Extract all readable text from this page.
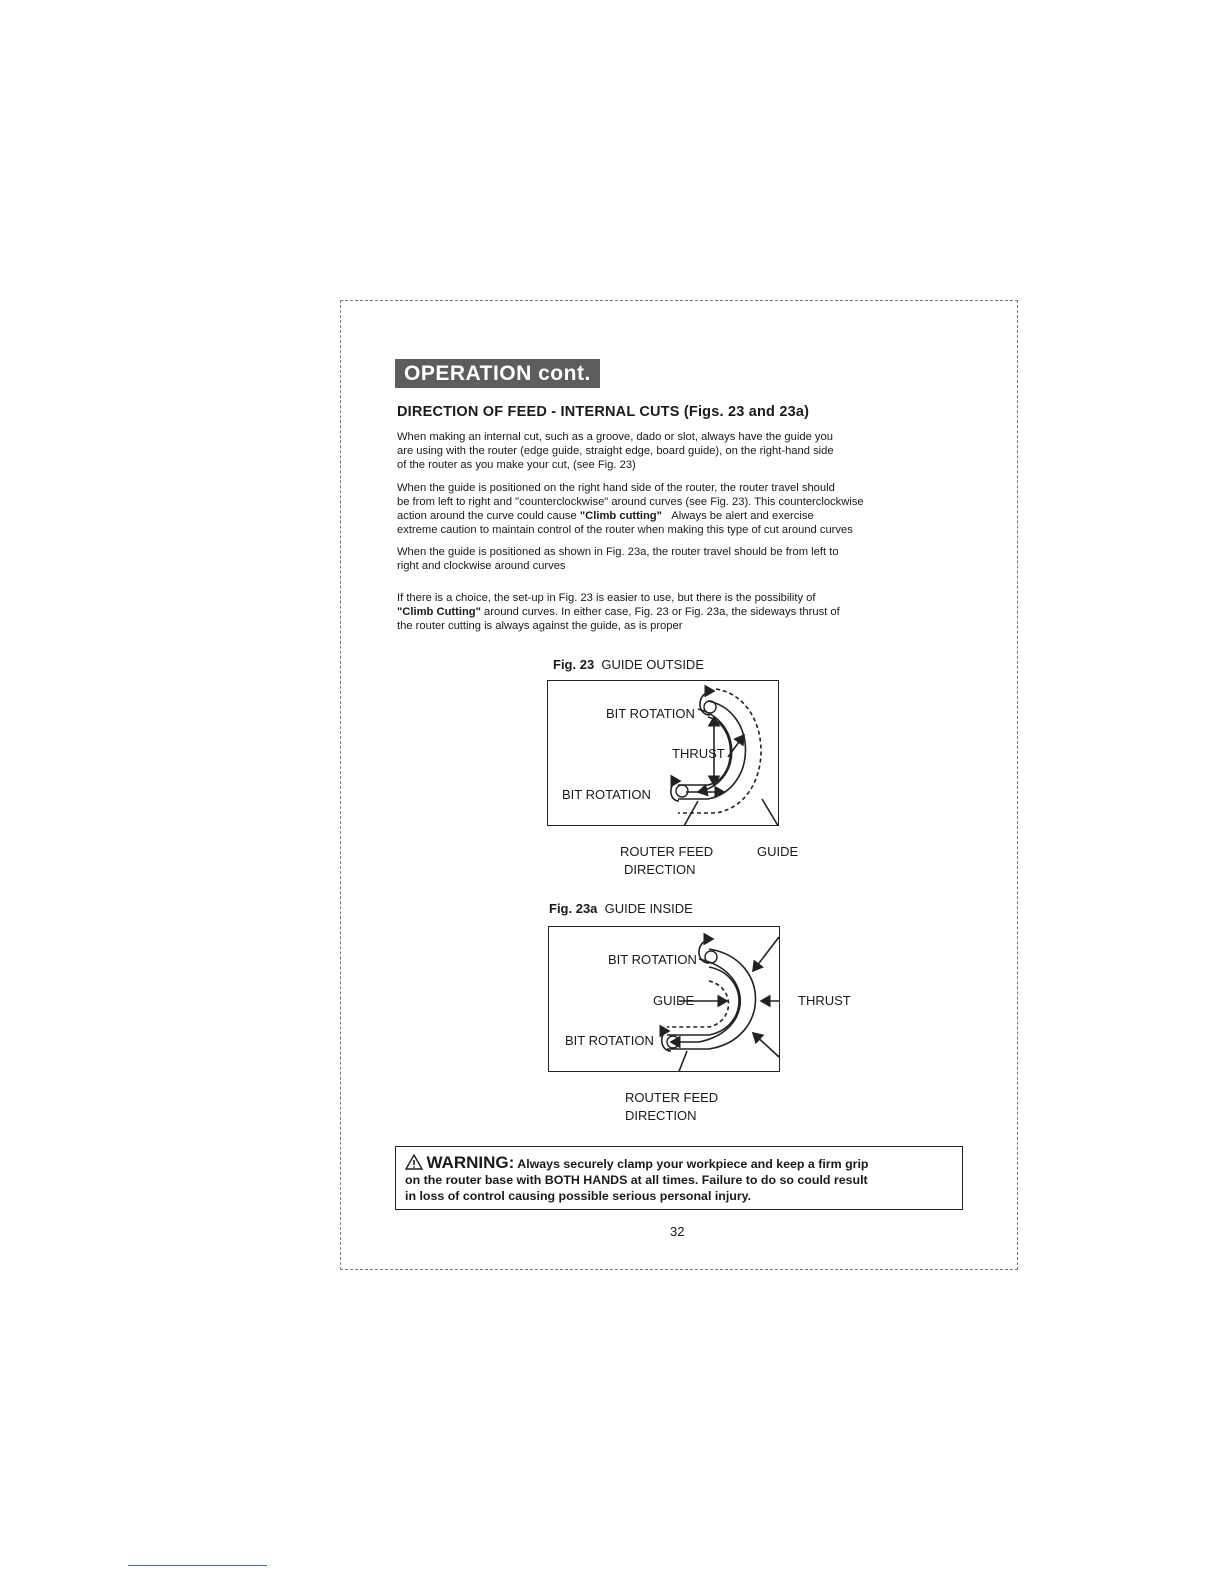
OPERATION cont.
DIRECTION OF FEED - INTERNAL CUTS (Figs. 23 and 23a)
When making an internal cut, such as a groove, dado or slot, always have the guide you
are using with the router (edge guide, straight edge, board guide), on the right-hand side
of the router as you make your cut, (see Fig. 23)
When the guide is positioned on the right hand side of the router, the router travel should
be from left to right and "counterclockwise" around curves (see Fig. 23). This counterclockwise
action around the curve could cause "Climb cutting" Always be alert and exercise
extreme caution to maintain control of the router when making this type of cut around curves
When the guide is positioned as shown in Fig. 23a, the router travel should be from left to
right and clockwise around curves
If there is a choice, the set-up in Fig. 23 is easier to use, but there is the possibility of
"Climb Cutting" around curves. In either case, Fig. 23 or Fig. 23a, the sideways thrust of
the router cutting is always against the guide, as is proper
Fig. 23 GUIDE OUTSIDE
BIT ROTATION
THRUST
BIT ROTATION
ROUTER FEED
DIRECTION
GUIDE
Fig. 23a GUIDE INSIDE
BIT ROTATION
GUIDE	THRUST
BIT ROTATION
ROUTER FEED
DIRECTION
WARNING: Always securely clamp your workpiece and keep a firm grip
on the router base with BOTH HANDS at all times. Failure to do so could result
in loss of control causing possible serious personal injury.
32
